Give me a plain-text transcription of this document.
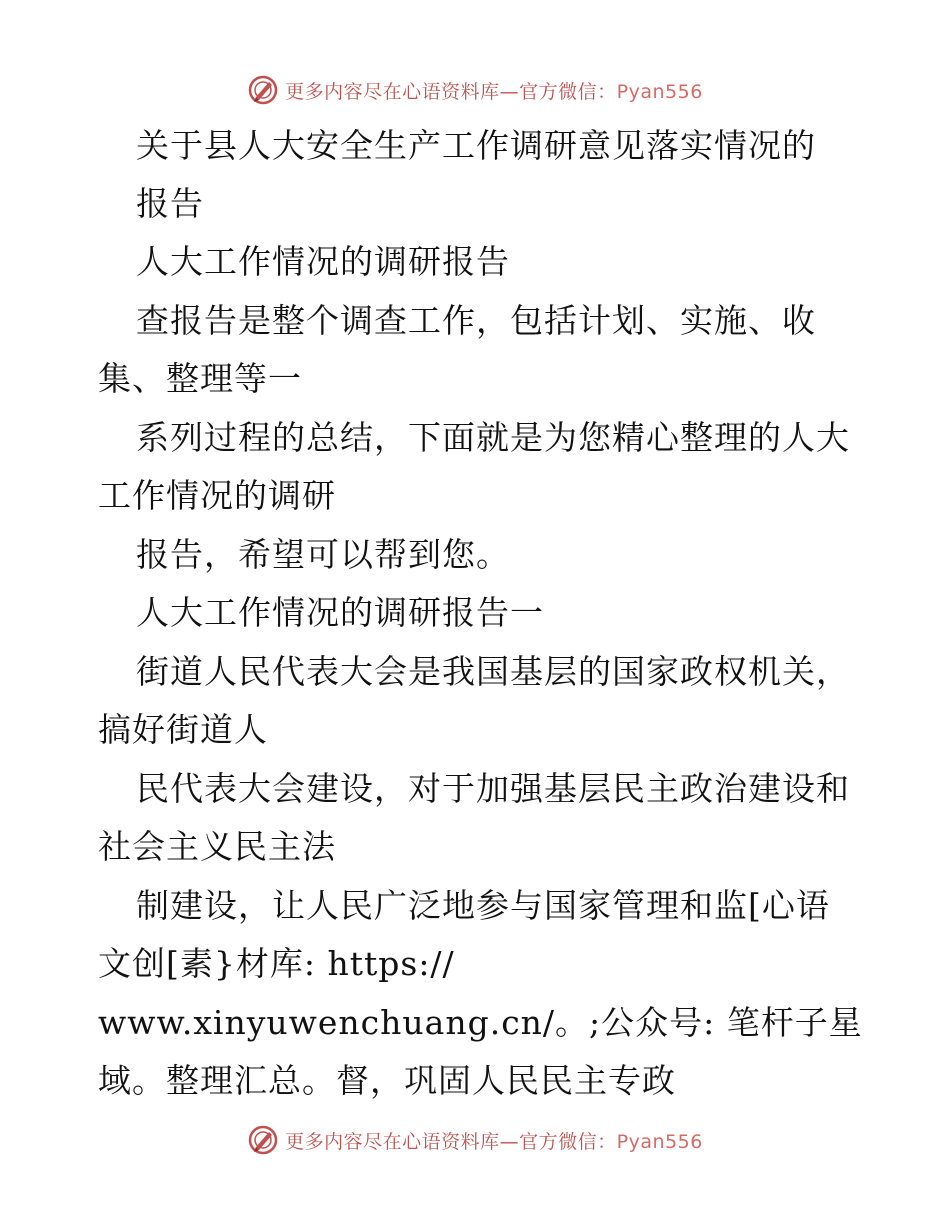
更多内容尽在心语资料库—官方微信：Pyan556
关于县人大安全生产工作调研意见落实情况的
报告
人大工作情况的调研报告
查报告是整个调查工作，包括计划、实施、收
集、整理等一
系列过程的总结，下面就是为您精心整理的人大
工作情况的调研
报告，希望可以帮到您。
人大工作情况的调研报告一
街道人民代表大会是我国基层的国家政权机关，
搞好街道人
民代表大会建设，对于加强基层民主政治建设和
社会主义民主法
制建设，让人民广泛地参与国家管理和监[心语
文创[素}材库: https://
www.xinyuwenchuang.cn/。;公众号: 笔杆子星
域。整理汇总。督，巩固人民民主专政
更多内容尽在心语资料库—官方微信：Pyan556
